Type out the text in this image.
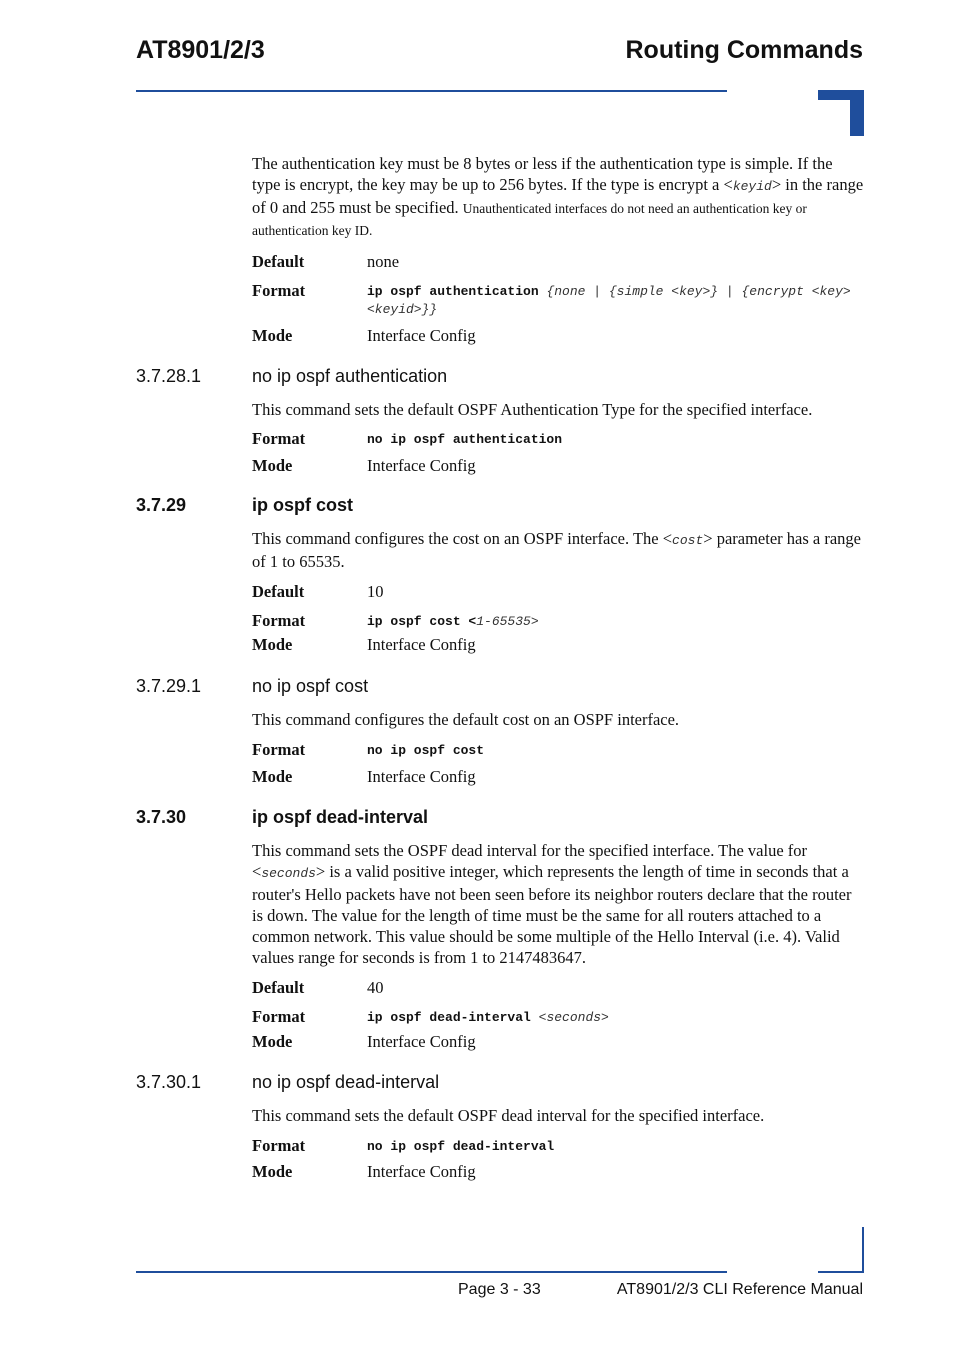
AT8901/2/3	Routing Commands

The authentication key must be 8 bytes or less if the authentication type is simple. If the type is encrypt, the key may be up to 256 bytes. If the type is encrypt a <keyid> in the range of 0 and 255 must be specified. Unauthenticated interfaces do not need an authentication key or authentication key ID.

Default	none
Format	ip ospf authentication {none | {simple <key>} | {encrypt <key> <keyid>}}
Mode	Interface Config
3.7.28.1	no ip ospf authentication

This command sets the default OSPF Authentication Type for the specified interface.

Format	no ip ospf authentication
Mode	Interface Config
3.7.29	ip ospf cost

This command configures the cost on an OSPF interface. The <cost> parameter has a range of 1 to 65535.

Default	10
Format	ip ospf cost <1-65535>
Mode	Interface Config
3.7.29.1	no ip ospf cost

This command configures the default cost on an OSPF interface.

Format	no ip ospf cost
Mode	Interface Config
3.7.30	ip ospf dead-interval

This command sets the OSPF dead interval for the specified interface. The value for <seconds> is a valid positive integer, which represents the length of time in seconds that a router's Hello packets have not been seen before its neighbor routers declare that the router is down. The value for the length of time must be the same for all routers attached to a common network. This value should be some multiple of the Hello Interval (i.e. 4). Valid values range for seconds is from 1 to 2147483647.

Default	40
Format	ip ospf dead-interval <seconds>
Mode	Interface Config
3.7.30.1	no ip ospf dead-interval

This command sets the default OSPF dead interval for the specified interface.

Format	no ip ospf dead-interval
Mode	Interface Config
Page 3 - 33	AT8901/2/3 CLI Reference Manual
